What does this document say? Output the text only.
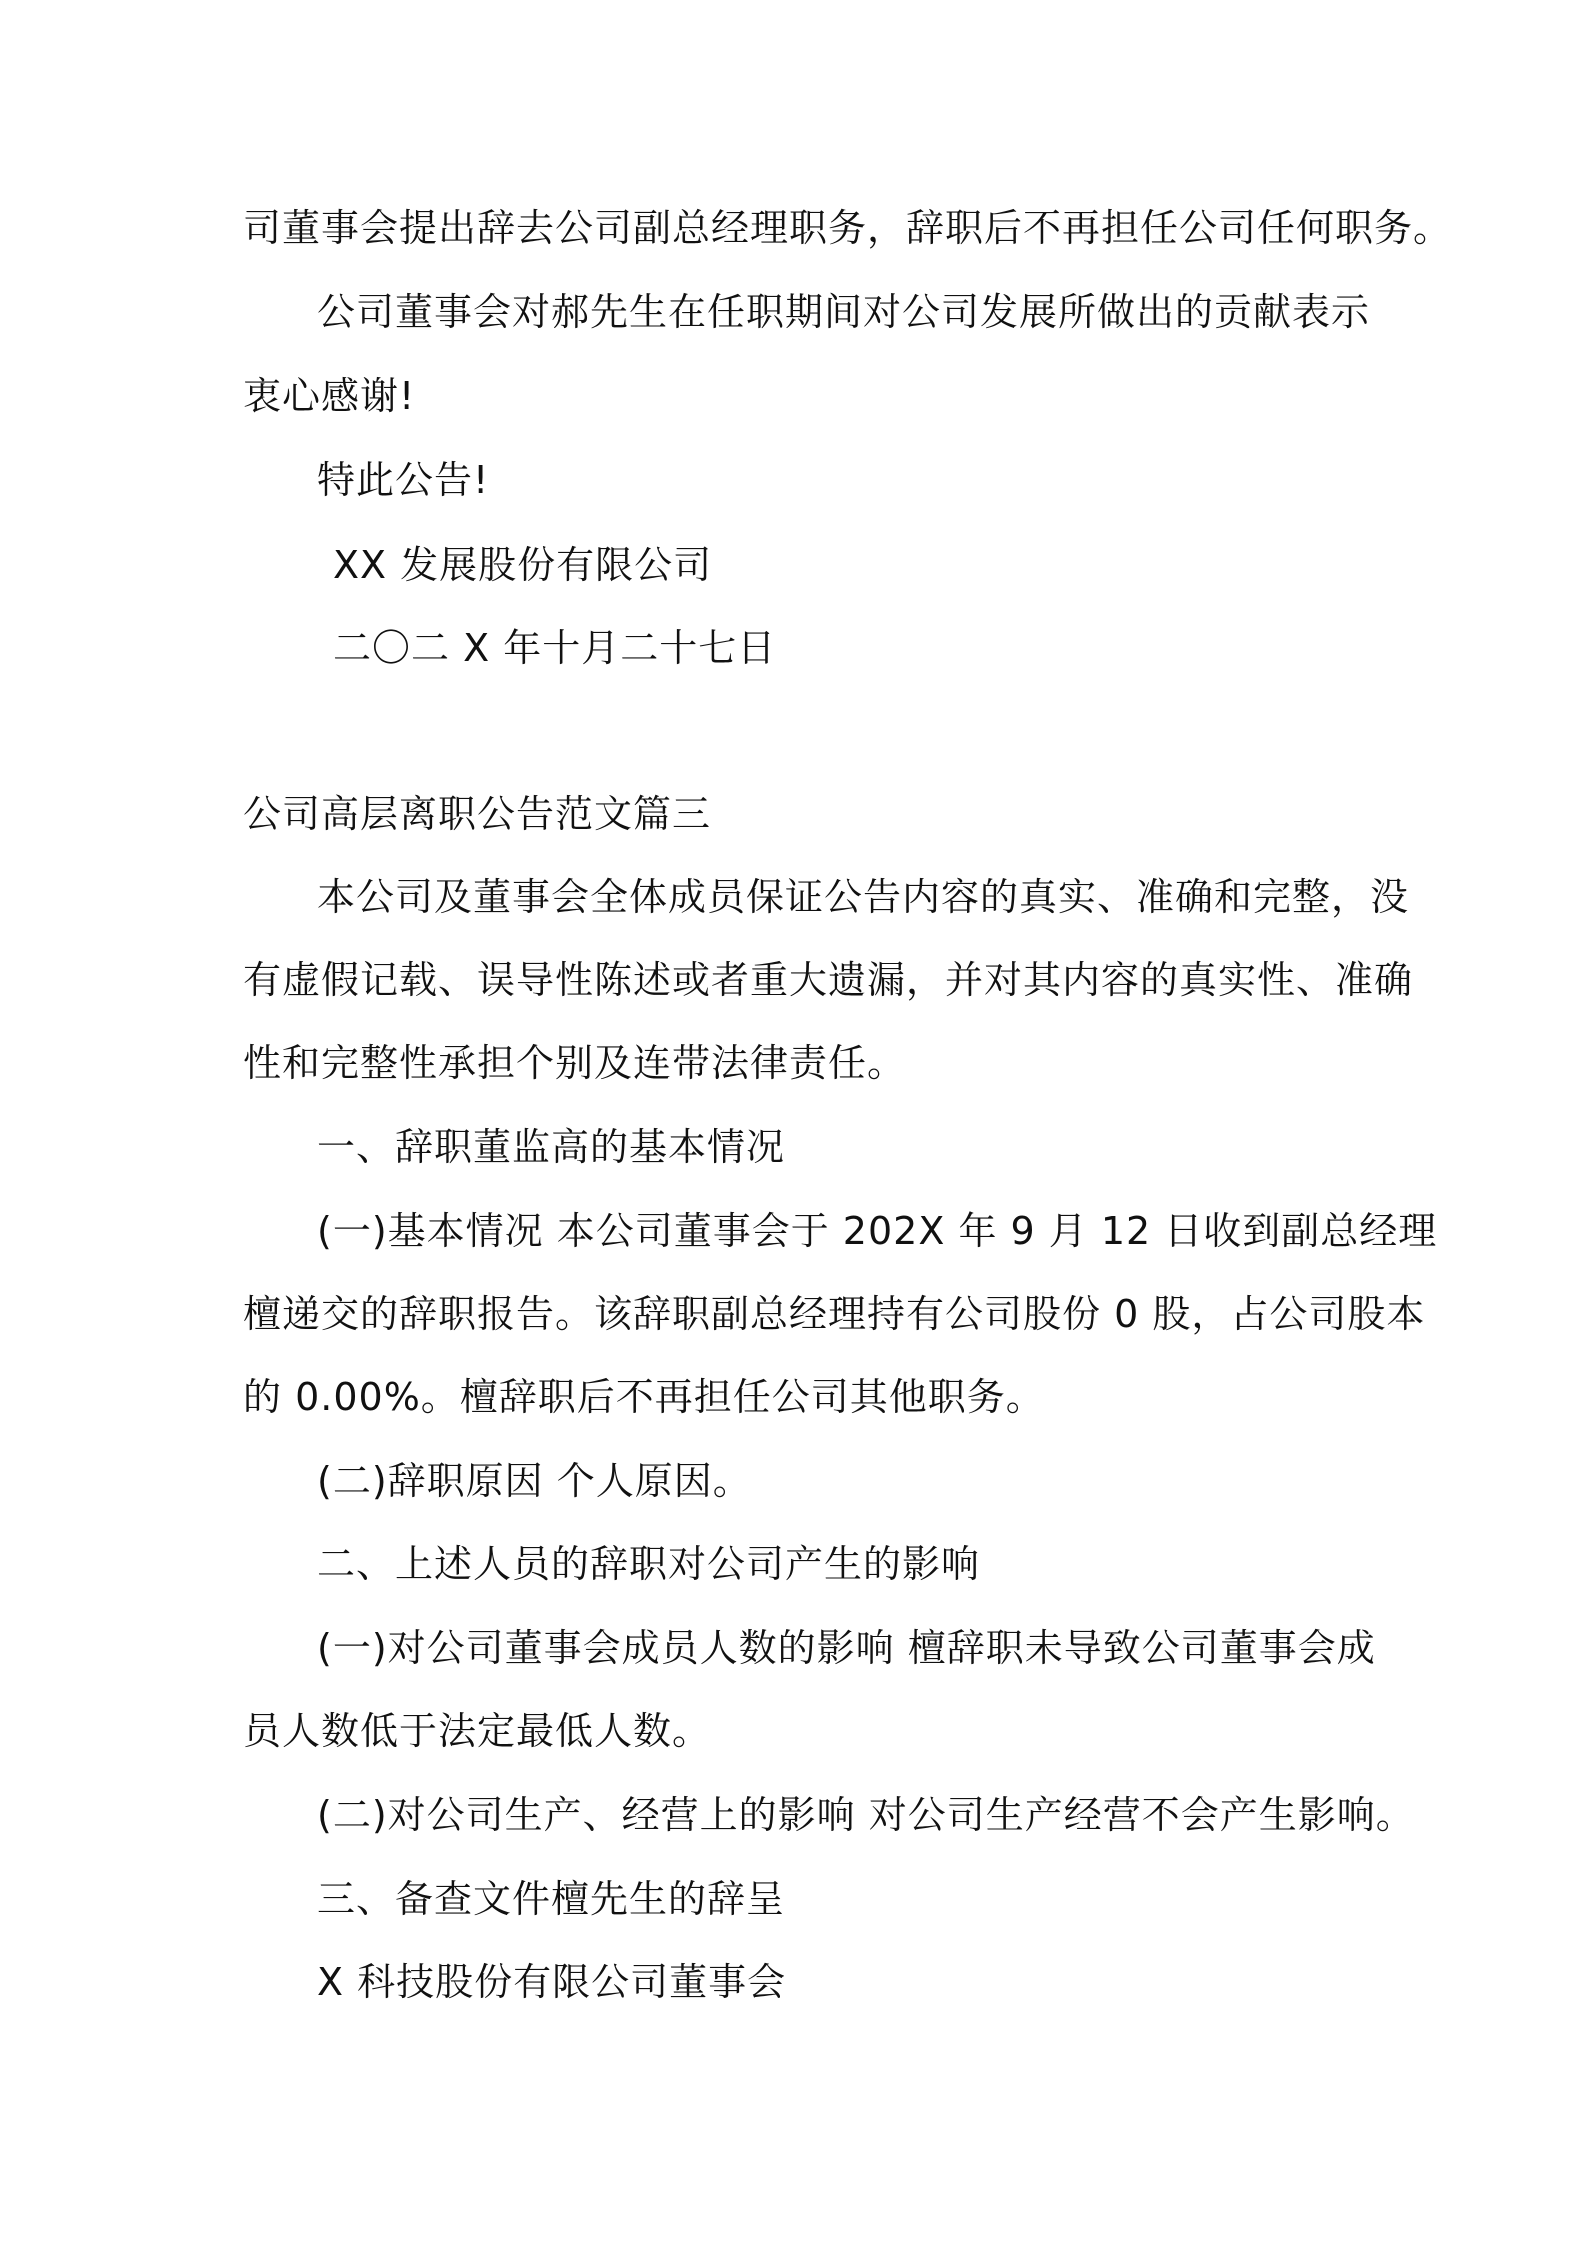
司董事会提出辞去公司副总经理职务，辞职后不再担任公司任何职务。
公司董事会对郝先生在任职期间对公司发展所做出的贡献表示
衷心感谢!
特此公告!
XX 发展股份有限公司
二〇二 X 年十月二十七日
公司高层离职公告范文篇三
本公司及董事会全体成员保证公告内容的真实、准确和完整，没
有虚假记载、误导性陈述或者重大遗漏，并对其内容的真实性、准确
性和完整性承担个别及连带法律责任。
一、辞职董监高的基本情况
(一)基本情况 本公司董事会于 202X 年 9 月 12 日收到副总经理
檀递交的辞职报告。该辞职副总经理持有公司股份 0 股，占公司股本
的 0.00%。檀辞职后不再担任公司其他职务。
(二)辞职原因 个人原因。
二、上述人员的辞职对公司产生的影响
(一)对公司董事会成员人数的影响 檀辞职未导致公司董事会成
员人数低于法定最低人数。
(二)对公司生产、经营上的影响 对公司生产经营不会产生影响。
三、备查文件檀先生的辞呈
X 科技股份有限公司董事会
